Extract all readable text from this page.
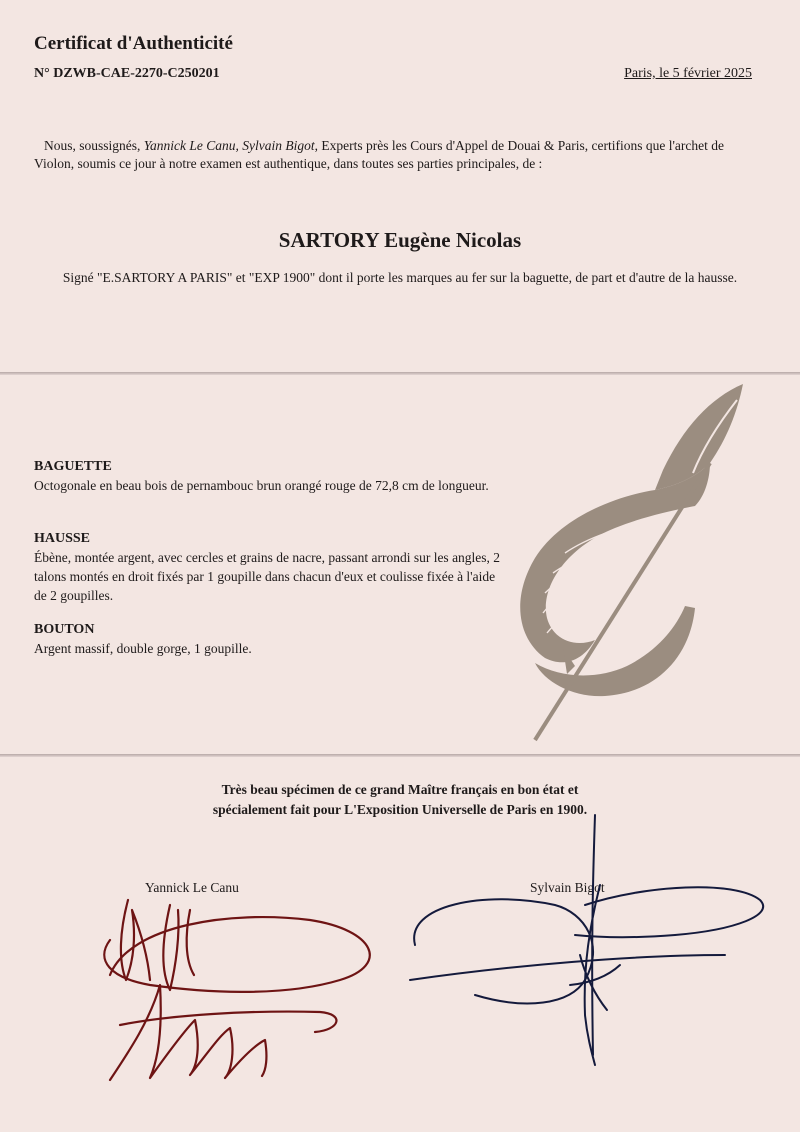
Certificat d'Authenticité
N° DZWB-CAE-2270-C250201	Paris, le 5 février 2025
Nous, soussignés, Yannick Le Canu, Sylvain Bigot, Experts près les Cours d'Appel de Douai & Paris, certifions que l'archet de Violon, soumis ce jour à notre examen est authentique, dans toutes ses parties principales, de :
SARTORY Eugène Nicolas
Signé "E.SARTORY A PARIS" et "EXP 1900" dont il porte les marques au fer sur la baguette, de part et d'autre de la hausse.
BAGUETTE

Octogonale en beau bois de pernambouc brun orangé rouge de 72,8 cm de longueur.

HAUSSE

Ébène, montée argent, avec cercles et grains de nacre, passant arrondi sur les angles, 2 talons montés en droit fixés par 1 goupille dans chacun d'eux et coulisse fixée à l'aide de 2 goupilles.

BOUTON

Argent massif, double gorge, 1 goupille.

Très beau spécimen de ce grand Maître français en bon état et
spécialement fait pour L'Exposition Universelle de Paris en 1900.
Yannick Le Canu	Sylvain Bigot
